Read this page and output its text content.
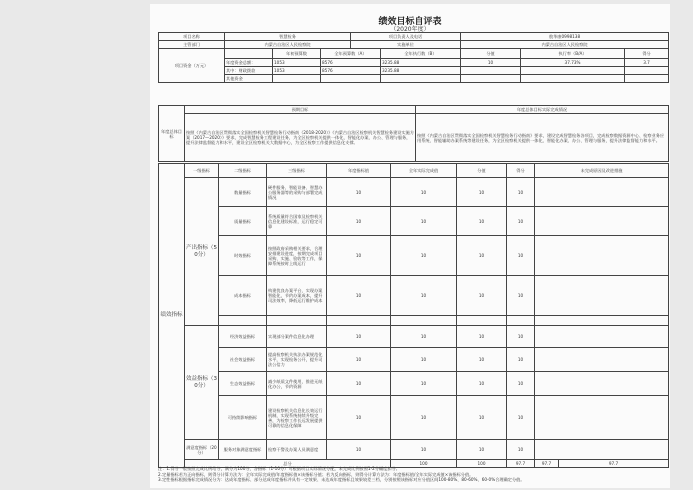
绩效目标自评表
（2020年度）
项目名称	智慧检务			项目负责人及电话		敖华康0998138		
主管部门	内蒙古自治区人民检察院			实施单位		内蒙古自治区人民检察院		
项目资金（万元）		年初预算数	全年预算数（A）		全年执行数（B）	分值	执行率（B/A）	得分
	年度资金总额：	1053	8576		3235.88	10	37.73%	3.7
	其中：财政拨款	1053	8576		3235.88			
	其他资金							
年度总体目标	预期目标	年度总体目标实际完成情况
	按照《内蒙古自治区贯彻落实全国检察机关智慧检务行动指南（2018-2020）》《内蒙古自治区检察机关智慧检务建设实施方案（2017—2020）》要求，完成智慧检务工程建设任务，为全区检察机关提供一体化、智能化办案、办公、管理与服务，提升法律监督能力和水平，建设全区检察机关大数据中心，为全区检察工作提供信息化支撑。	按照《内蒙古自治区贯彻落实全国检察机关智慧检务行动指南》要求，建设完成智慧检务各项目，完成检察数据资源中心、检察业务应用系统、智能辅助办案系统等建设任务，为全区检察机关提供一体化、智能化办案、办公、管理与服务，提升法律监督能力和水平。
绩效指标	一级指标	二级指标	三级指标	年度指标值	全年实际完成值	分值	得分	未完成原因及改进措施	
	产出指标（50分）	数量指标	硬件服务、智能设备、智慧办公服务器等的采购与部署完成情况	10	10	10	10		
		质量指标	系统质量符合国家及检察机关信息化建设标准，运行稳定可靠	10	10	10	10		
		时效指标	按照政府采购相关要求，合理安排建设进度，按期完成项目采购、实施、验收等工作，保障系统按时上线运行	10	10	10	10		
		成本指标	构建优良办案平台，实现办案智能化，节约办案成本，提升司法效率，降低运行维护成本	10	10	10	10		

	效益指标（30分）	经济效益指标	实现部分案件信息化办理	10	10	10	10		
		社会效益指标	提高检察机关执法办案规范化水平，实现检务公开，提升司法公信力	10	10	10	10		
		生态效益指标	减少纸质文件使用，推进无纸化办公，节约资源	10	10	10	10		
		可持续影响指标	建设检察机关信息化长效运行机制，实现系统持续升级完善，为检察工作长远发展提供可靠的信息化保障	10	10	10	10		
	满意度指标（20分）	服务对象满意度指标	检察干警及办案人员满意度	10	10	10	10		
	总分				100	100	97.7	97.7	97.7
注：1.得分一般按照完成比例给分，满分为100分，各指标（1-10分）可根据项目实际情况分配，未完成比例按照1-2分幅度扣分。
2.定量指标若为正向指标，则得分计算方法为：全年实际完成值/年度指标值×该指标分值；若为反向指标，则得分计算方法为：年度指标值/全年实际完成值×该指标分值。
3.定性指标根据指标完成情况分为：达成年度指标、部分达成年度指标并具有一定效果、未达成年度指标且效果较差三档，分别按照该指标对应分值区间100-80%、80-60%、60-0%合理确定分值。
